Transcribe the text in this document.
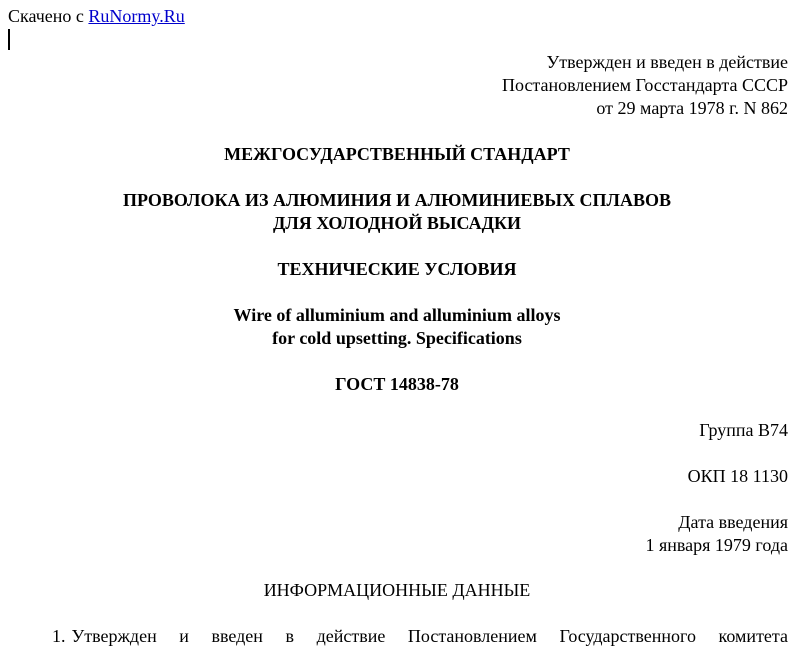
Скачено с RuNormy.Ru
Утвержден и введен в действие
Постановлением Госстандарта СССР
от 29 марта 1978 г. N 862
МЕЖГОСУДАРСТВЕННЫЙ СТАНДАРТ
ПРОВОЛОКА ИЗ АЛЮМИНИЯ И АЛЮМИНИЕВЫХ СПЛАВОВ
ДЛЯ ХОЛОДНОЙ ВЫСАДКИ
ТЕХНИЧЕСКИЕ УСЛОВИЯ
Wire of alluminium and alluminium alloys
for cold upsetting. Specifications
ГОСТ 14838-78
Группа В74
ОКП 18 1130
Дата введения
1 января 1979 года
ИНФОРМАЦИОННЫЕ ДАННЫЕ
1. Утвержден и введен в действие Постановлением Государственного комитета
